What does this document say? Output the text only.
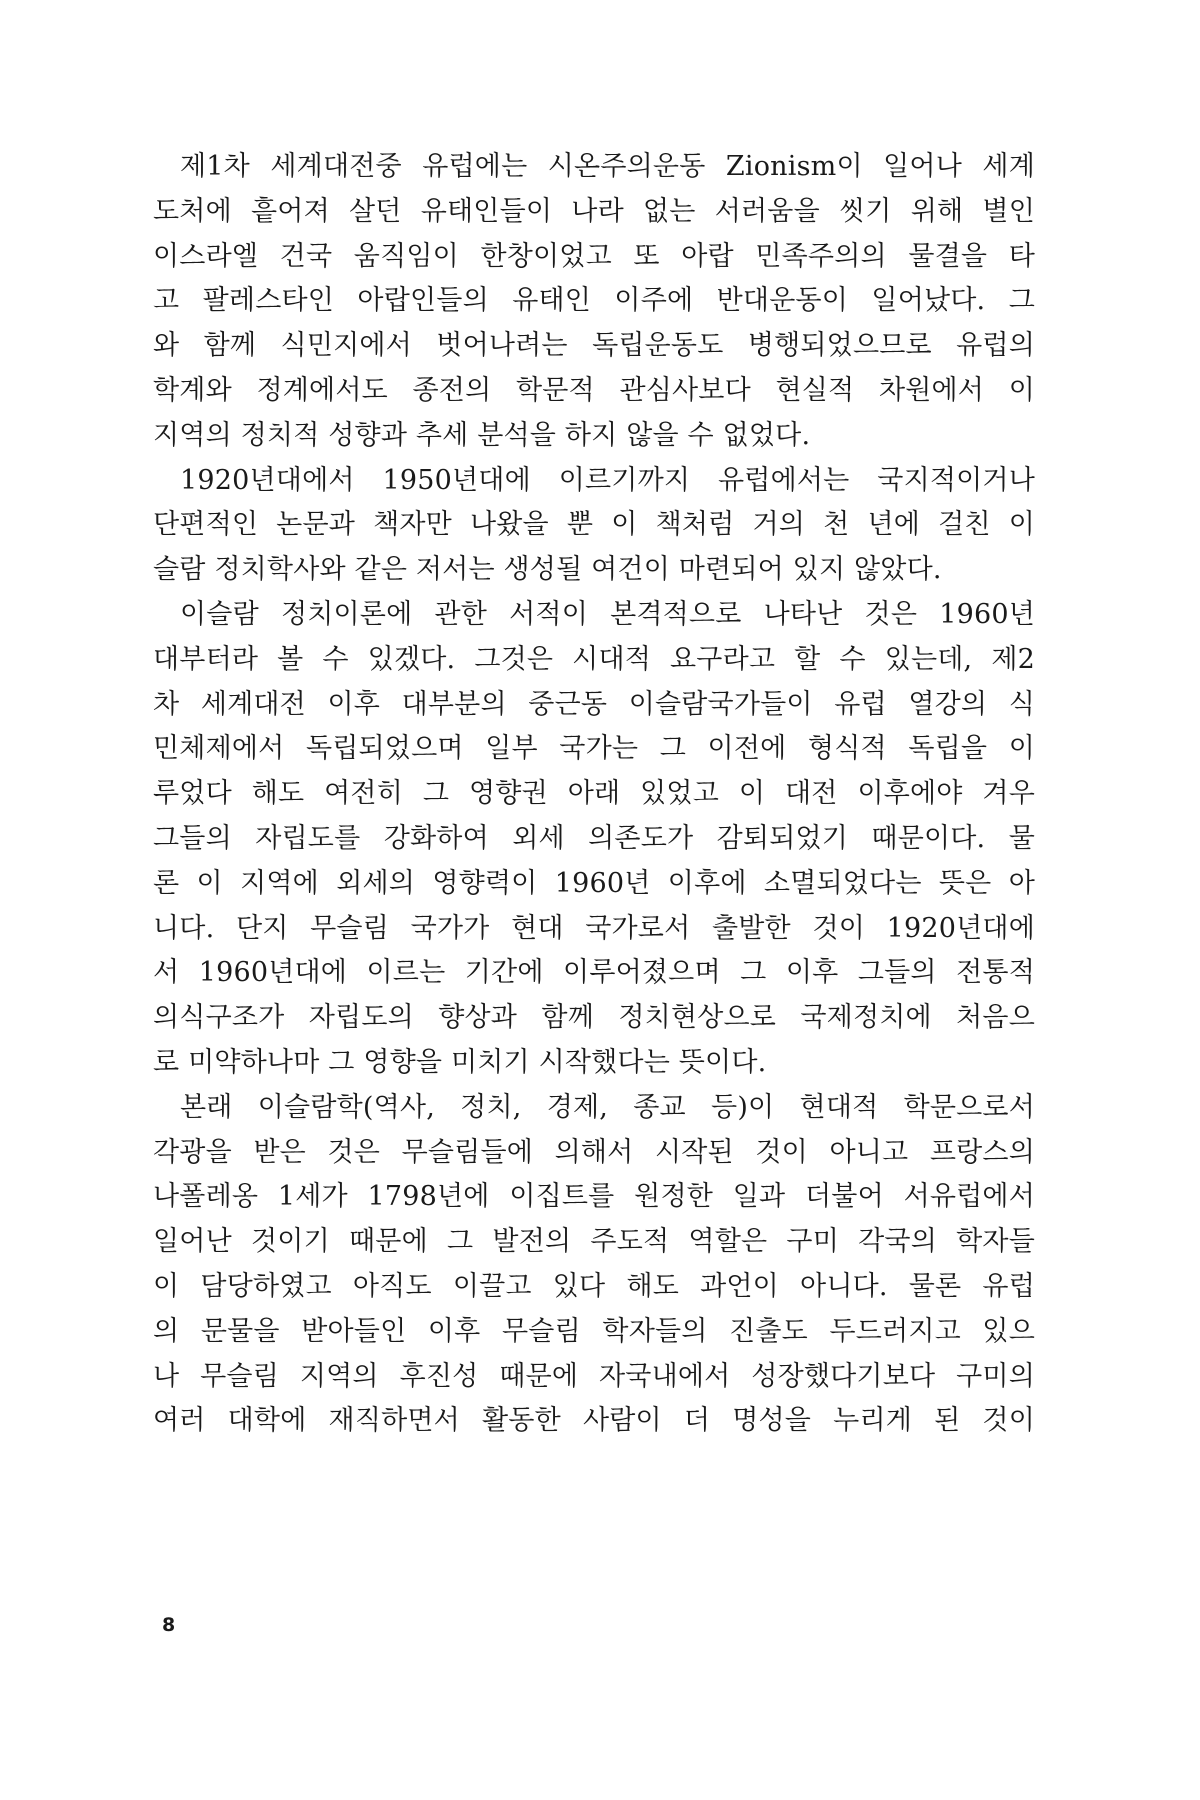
제1차 세계대전중 유럽에는 시온주의운동 Zionism이 일어나 세계
도처에 흩어져 살던 유태인들이 나라 없는 서러움을 씻기 위해 별인
이스라엘 건국 움직임이 한창이었고 또 아랍 민족주의의 물결을 타
고 팔레스타인 아랍인들의 유태인 이주에 반대운동이 일어났다. 그
와 함께 식민지에서 벗어나려는 독립운동도 병행되었으므로 유럽의
학계와 정계에서도 종전의 학문적 관심사보다 현실적 차원에서 이
지역의 정치적 성향과 추세 분석을 하지 않을 수 없었다.
1920년대에서 1950년대에 이르기까지 유럽에서는 국지적이거나
단편적인 논문과 책자만 나왔을 뿐 이 책처럼 거의 천 년에 걸친 이
슬람 정치학사와 같은 저서는 생성될 여건이 마련되어 있지 않았다.
이슬람 정치이론에 관한 서적이 본격적으로 나타난 것은 1960년
대부터라 볼 수 있겠다. 그것은 시대적 요구라고 할 수 있는데, 제2
차 세계대전 이후 대부분의 중근동 이슬람국가들이 유럽 열강의 식
민체제에서 독립되었으며 일부 국가는 그 이전에 형식적 독립을 이
루었다 해도 여전히 그 영향권 아래 있었고 이 대전 이후에야 겨우
그들의 자립도를 강화하여 외세 의존도가 감퇴되었기 때문이다. 물
론 이 지역에 외세의 영향력이 1960년 이후에 소멸되었다는 뜻은 아
니다. 단지 무슬림 국가가 현대 국가로서 출발한 것이 1920년대에
서 1960년대에 이르는 기간에 이루어졌으며 그 이후 그들의 전통적
의식구조가 자립도의 향상과 함께 정치현상으로 국제정치에 처음으
로 미약하나마 그 영향을 미치기 시작했다는 뜻이다.
본래 이슬람학(역사, 정치, 경제, 종교 등)이 현대적 학문으로서
각광을 받은 것은 무슬림들에 의해서 시작된 것이 아니고 프랑스의
나폴레옹 1세가 1798년에 이집트를 원정한 일과 더불어 서유럽에서
일어난 것이기 때문에 그 발전의 주도적 역할은 구미 각국의 학자들
이 담당하였고 아직도 이끌고 있다 해도 과언이 아니다. 물론 유럽
의 문물을 받아들인 이후 무슬림 학자들의 진출도 두드러지고 있으
나 무슬림 지역의 후진성 때문에 자국내에서 성장했다기보다 구미의
여러 대학에 재직하면서 활동한 사람이 더 명성을 누리게 된 것이
8
